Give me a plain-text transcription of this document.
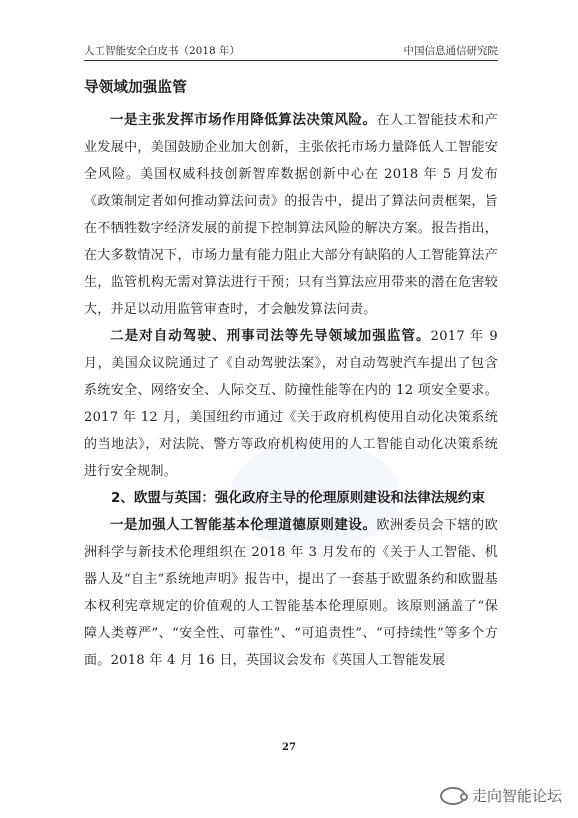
人工智能安全白皮书（2018 年）	中国信息通信研究院
导领域加强监管

一是主张发挥市场作用降低算法决策风险。在人工智能技术和产业发展中，美国鼓励企业加大创新，主张依托市场力量降低人工智能安全风险。美国权威科技创新智库数据创新中心在 2018 年 5 月发布《政策制定者如何推动算法问责》的报告中，提出了算法问责框架，旨在不牺牲数字经济发展的前提下控制算法风险的解决方案。报告指出，在大多数情况下，市场力量有能力阻止大部分有缺陷的人工智能算法产生，监管机构无需对算法进行干预；只有当算法应用带来的潜在危害较大，并足以动用监管审查时，才会触发算法问责。

二是对自动驾驶、刑事司法等先导领域加强监管。2017 年 9 月，美国众议院通过了《自动驾驶法案》，对自动驾驶汽车提出了包含系统安全、网络安全、人际交互、防撞性能等在内的 12 项安全要求。2017 年 12 月，美国纽约市通过《关于政府机构使用自动化决策系统的当地法》，对法院、警方等政府机构使用的人工智能自动化决策系统进行安全规制。

2、欧盟与英国：强化政府主导的伦理原则建设和法律法规约束

一是加强人工智能基本伦理道德原则建设。欧洲委员会下辖的欧洲科学与新技术伦理组织在 2018 年 3 月发布的《关于人工智能、机器人及“自主”系统地声明》报告中，提出了一套基于欧盟条约和欧盟基本权利宪章规定的价值观的人工智能基本伦理原则。该原则涵盖了“保障人类尊严”、“安全性、可靠性”、“可追责性”、“可持续性”等多个方面。2018 年 4 月 16 日，英国议会发布《英国人工智能发展

27
走向智能论坛
